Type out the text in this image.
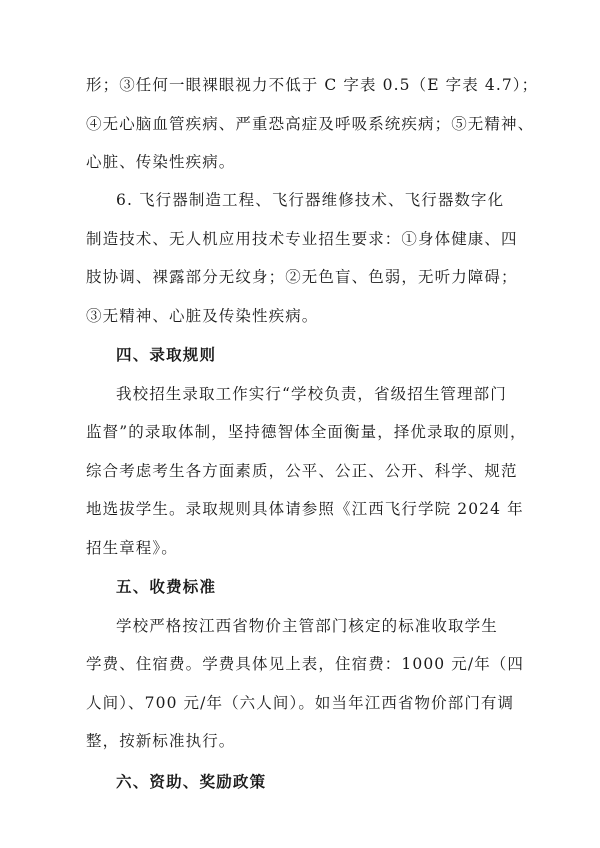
形；③任何一眼裸眼视力不低于 C 字表 0.5（E 字表 4.7）；
④无心脑血管疾病、严重恐高症及呼吸系统疾病；⑤无精神、
心脏、传染性疾病。
6. 飞行器制造工程、飞行器维修技术、飞行器数字化
制造技术、无人机应用技术专业招生要求：①身体健康、四
肢协调、裸露部分无纹身；②无色盲、色弱，无听力障碍；
③无精神、心脏及传染性疾病。
四、录取规则
我校招生录取工作实行“学校负责，省级招生管理部门
监督”的录取体制，坚持德智体全面衡量，择优录取的原则，
综合考虑考生各方面素质，公平、公正、公开、科学、规范
地选拔学生。录取规则具体请参照《江西飞行学院 2024 年
招生章程》。
五、收费标准
学校严格按江西省物价主管部门核定的标准收取学生
学费、住宿费。学费具体见上表，住宿费：1000 元/年（四
人间）、700 元/年（六人间）。如当年江西省物价部门有调
整，按新标准执行。
六、资助、奖励政策
